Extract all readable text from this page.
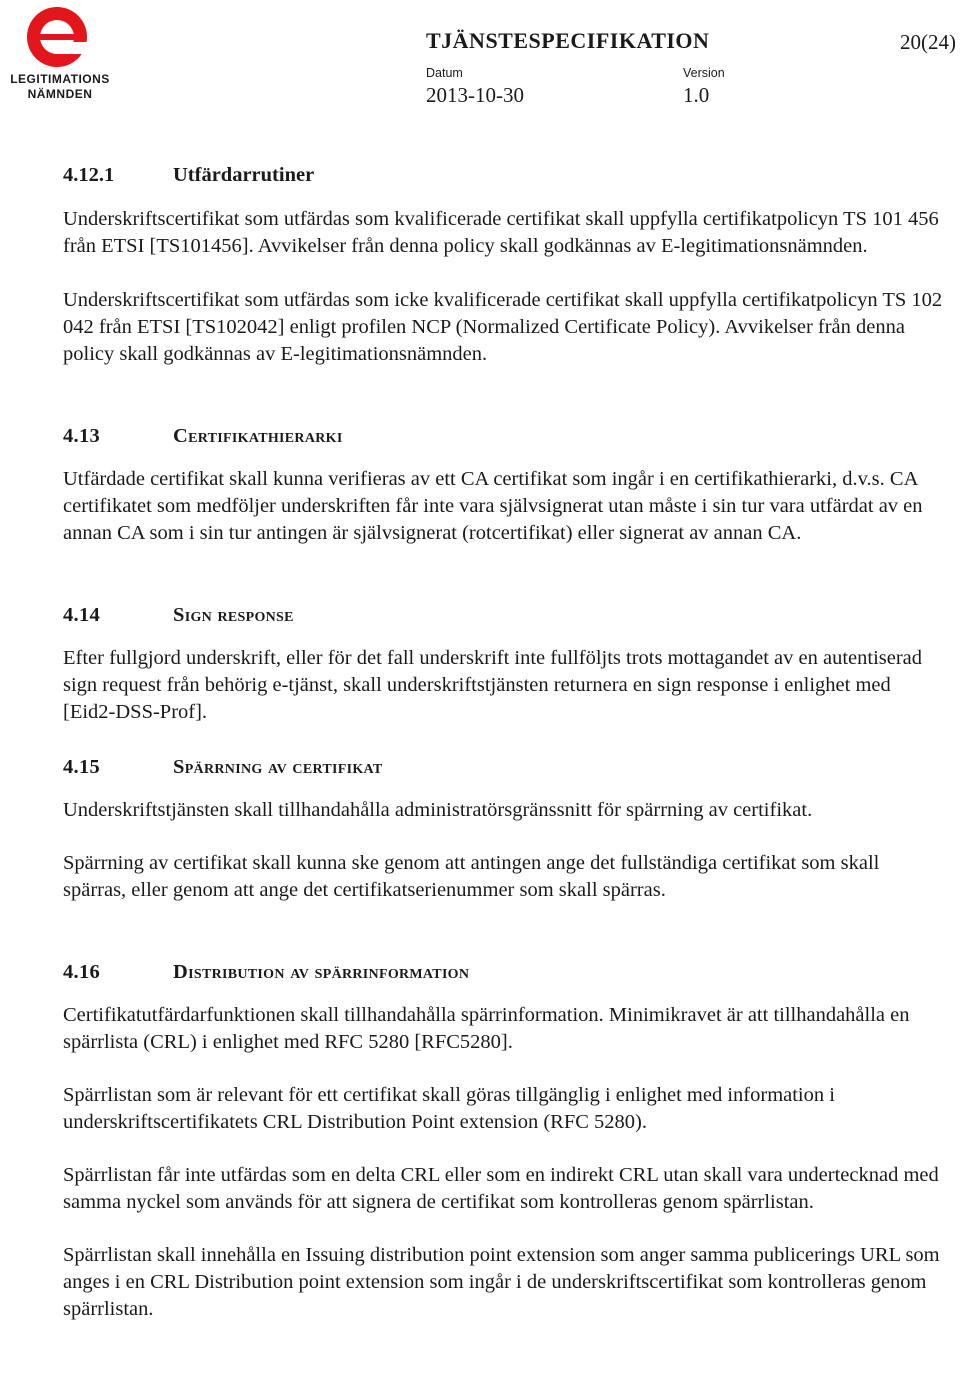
LEGITIMATIONS
NÄMNDEN
TJÄNSTESPECIFIKATION	20(24)
Datum
2013-10-30
Version
1.0
4.12.1	Utfärdarrutiner

Underskriftscertifikat som utfärdas som kvalificerade certifikat skall uppfylla certifikatpolicyn TS 101 456 från ETSI [TS101456]. Avvikelser från denna policy skall godkännas av E-legitimationsnämnden.

Underskriftscertifikat som utfärdas som icke kvalificerade certifikat skall uppfylla certifikatpolicyn TS 102 042 från ETSI [TS102042] enligt profilen NCP (Normalized Certificate Policy). Avvikelser från denna policy skall godkännas av E-legitimationsnämnden.

4.13	Certifikathierarki

Utfärdade certifikat skall kunna verifieras av ett CA certifikat som ingår i en certifikathierarki, d.v.s. CA certifikatet som medföljer underskriften får inte vara självsignerat utan måste i sin tur vara utfärdat av en annan CA som i sin tur antingen är självsignerat (rotcertifikat) eller signerat av annan CA.

4.14	Sign response

Efter fullgjord underskrift, eller för det fall underskrift inte fullföljts trots mottagandet av en autentiserad sign request från behörig e-tjänst, skall underskriftstjänsten returnera en sign response i enlighet med [Eid2-DSS-Prof].

4.15	Spärrning av certifikat

Underskriftstjänsten skall tillhandahålla administratörsgränssnitt för spärrning av certifikat.

Spärrning av certifikat skall kunna ske genom att antingen ange det fullständiga certifikat som skall spärras, eller genom att ange det certifikatserienummer som skall spärras.

4.16	Distribution av spärrinformation

Certifikatutfärdarfunktionen skall tillhandahålla spärrinformation. Minimikravet är att tillhandahålla en spärrlista (CRL) i enlighet med RFC 5280 [RFC5280].

Spärrlistan som är relevant för ett certifikat skall göras tillgänglig i enlighet med information i underskriftscertifikatets CRL Distribution Point extension (RFC 5280).

Spärrlistan får inte utfärdas som en delta CRL eller som en indirekt CRL utan skall vara undertecknad med samma nyckel som används för att signera de certifikat som kontrolleras genom spärrlistan.

Spärrlistan skall innehålla en Issuing distribution point extension som anger samma publicerings URL som anges i en CRL Distribution point extension som ingår i de underskriftscertifikat som kontrolleras genom spärrlistan.
